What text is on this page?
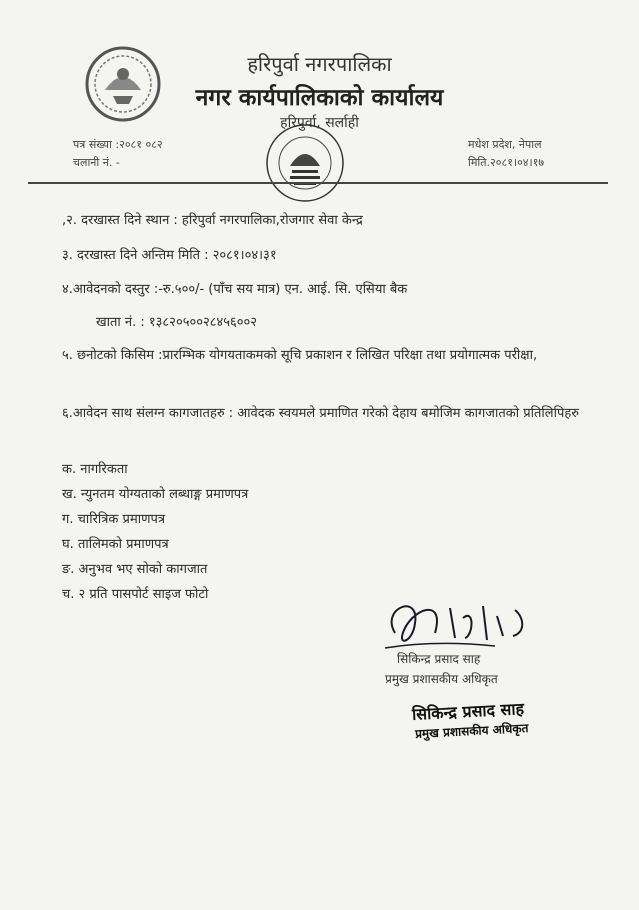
हरिपुर्वा नगरपालिका
नगर कार्यपालिकाको कार्यालय
हरिपुर्वा, सर्लाही
पत्र संख्या :२०८१ ०८२
चलानी नं. -
मधेश प्रदेश, नेपाल
मिति.२०८१।०४।१७
,२. दरखास्त दिने स्थान : हरिपुर्वा नगरपालिका,रोजगार सेवा केन्द्र
३. दरखास्त दिने अन्तिम मिति : २०८१।०४।३१
४.आवेदनको दस्तुर :-रु.५००/- (पाँच सय मात्र) एन. आई. सि. एसिया बैक
खाता नं. : १३८२०५००२८४५६००२
५. छनोटको किसिम :प्रारम्भिक योगयताकमको सूचि प्रकाशन र लिखित परिक्षा तथा प्रयोगात्मक परीक्षा,
६.आवेदन साथ संलग्न कागजातहरु : आवेदक स्वयमले प्रमाणित गरेको देहाय बमोजिम कागजातको प्रतिलिपिहरु
क. नागरिकता
ख. न्युनतम योग्यताको लब्धाङ्ग प्रमाणपत्र
ग. चारित्रिक प्रमाणपत्र
घ. तालिमको प्रमाणपत्र
ङ. अनुभव भए सोको कागजात
च. २ प्रति पासपोर्ट साइज फोटो
सिकिन्द्र प्रसाद साह
प्रमुख प्रशासकीय अधिकृत
सिकिन्द्र प्रसाद साह
प्रमुख प्रशासकीय अधिकृत
